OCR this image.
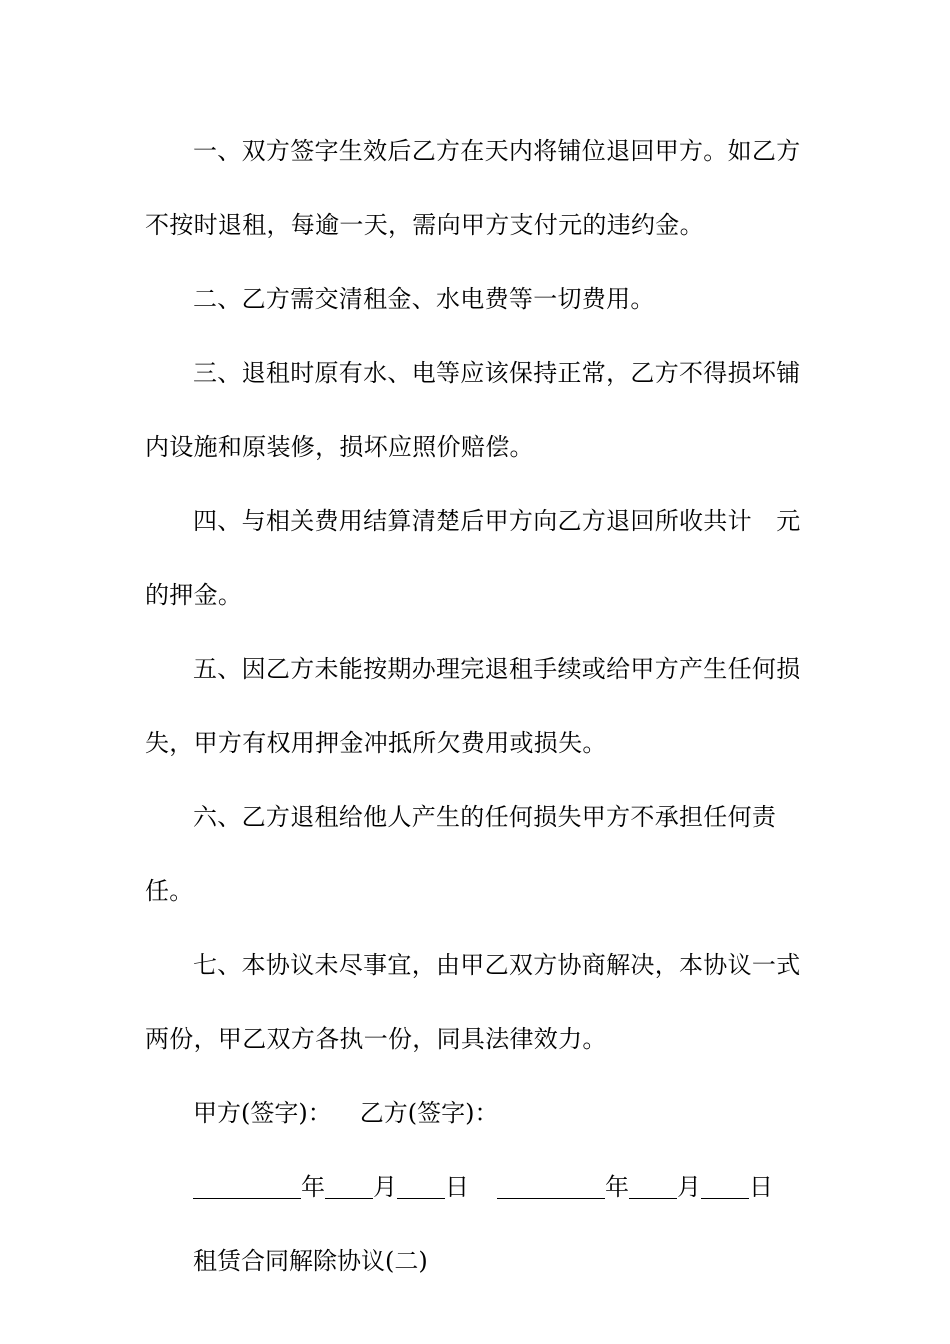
一、双方签字生效后乙方在天内将铺位退回甲方。如乙方不按时退租，每逾一天，需向甲方支付元的违约金。

二、乙方需交清租金、水电费等一切费用。

三、退租时原有水、电等应该保持正常，乙方不得损坏铺内设施和原装修，损坏应照价赔偿。

四、与相关费用结算清楚后甲方向乙方退回所收共计　元的押金。

五、因乙方未能按期办理完退租手续或给甲方产生任何损失，甲方有权用押金冲抵所欠费用或损失。

六、乙方退租给他人产生的任何损失甲方不承担任何责任。

七、本协议未尽事宜，由甲乙双方协商解决，本协议一式两份，甲乙双方各执一份，同具法律效力。

甲方(签字)： 乙方(签字)：

年 月 日	年 月 日

租赁合同解除协议(二)
